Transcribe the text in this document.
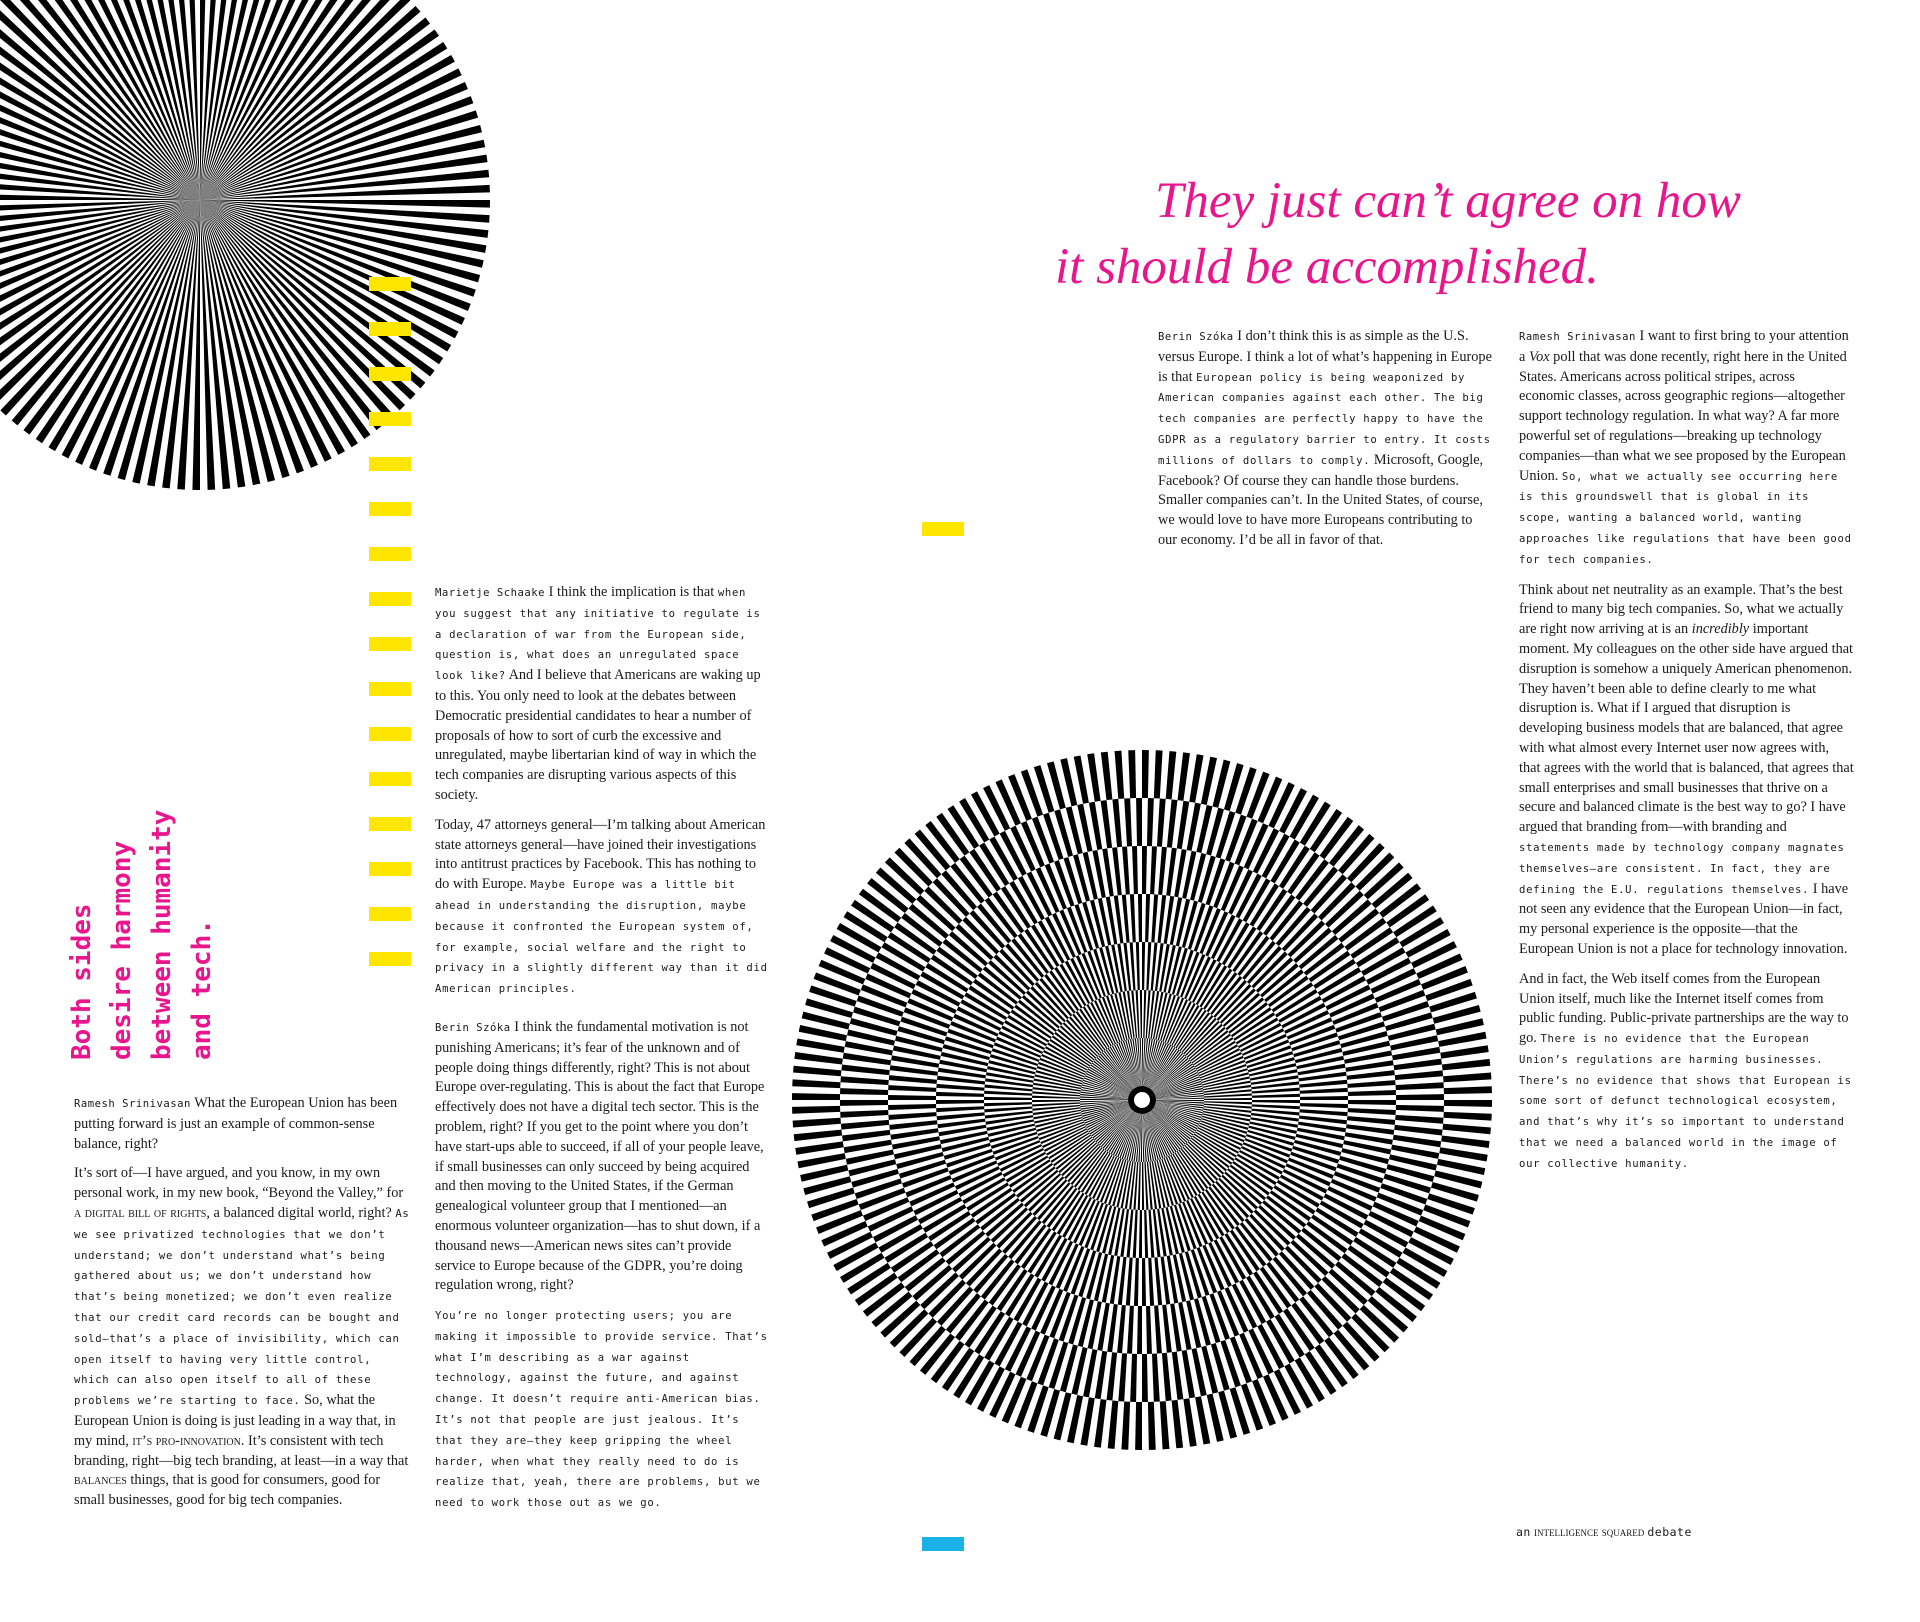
They just can’t agree on how
it should be accomplished.
Both sides desire harmony between humanity and tech.

Ramesh Srinivasan What the European Union has been putting forward is just an example of common-sense balance, right?

It’s sort of—I have argued, and you know, in my own personal work, in my new book, “Beyond the Valley,” for a digital bill of rights, a balanced digital world, right? As we see privatized technologies that we don’t understand; we don’t understand what’s being gathered about us; we don’t understand how that’s being monetized; we don’t even realize that our credit card records can be bought and sold—that’s a place of invisibility, which can open itself to having very little control, which can also open itself to all of these problems we’re starting to face. So, what the European Union is doing is just leading in a way that, in my mind, it’s pro-innovation. It’s consistent with tech branding, right—big tech branding, at least—in a way that balances things, that is good for consumers, good for small businesses, good for big tech companies.

Marietje Schaake I think the implication is that when you suggest that any initiative to regulate is a declaration of war from the European side, question is, what does an unregulated space look like? And I believe that Americans are waking up to this. You only need to look at the debates between Democratic presidential candidates to hear a number of proposals of how to sort of curb the excessive and unregulated, maybe libertarian kind of way in which the tech companies are disrupting various aspects of this society.

Today, 47 attorneys general—I’m talking about American state attorneys general—have joined their investigations into antitrust practices by Facebook. This has nothing to do with Europe. Maybe Europe was a little bit ahead in understanding the disruption, maybe because it confronted the European system of, for example, social welfare and the right to privacy in a slightly different way than it did American principles.

Berin Szóka I think the fundamental motivation is not punishing Americans; it’s fear of the unknown and of people doing things differently, right? This is not about Europe over-regulating. This is about the fact that Europe effectively does not have a digital tech sector. This is the problem, right? If you get to the point where you don’t have start-ups able to succeed, if all of your people leave, if small businesses can only succeed by being acquired and then moving to the United States, if the German genealogical volunteer group that I mentioned—an enormous volunteer organization—has to shut down, if a thousand news—American news sites can’t provide service to Europe because of the GDPR, you’re doing regulation wrong, right?

You’re no longer protecting users; you are making it impossible to provide service. That’s what I’m describing as a war against technology, against the future, and against change. It doesn’t require anti-American bias. It’s not that people are just jealous. It’s that they are—they keep gripping the wheel harder, when what they really need to do is realize that, yeah, there are problems, but we need to work those out as we go.

Berin Szóka I don’t think this is as simple as the U.S. versus Europe. I think a lot of what’s happening in Europe is that European policy is being weaponized by American companies against each other. The big tech companies are perfectly happy to have the GDPR as a regulatory barrier to entry. It costs millions of dollars to comply. Microsoft, Google, Facebook? Of course they can handle those burdens. Smaller companies can’t. In the United States, of course, we would love to have more Europeans contributing to our economy. I’d be all in favor of that.

Ramesh Srinivasan I want to first bring to your attention a Vox poll that was done recently, right here in the United States. Americans across political stripes, across economic classes, across geographic regions—altogether support technology regulation. In what way? A far more powerful set of regulations—breaking up technology companies—than what we see proposed by the European Union. So, what we actually see occurring here is this groundswell that is global in its scope, wanting a balanced world, wanting approaches like regulations that have been good for tech companies.

Think about net neutrality as an example. That’s the best friend to many big tech companies. So, what we actually are right now arriving at is an incredibly important moment. My colleagues on the other side have argued that disruption is somehow a uniquely American phenomenon. They haven’t been able to define clearly to me what disruption is. What if I argued that disruption is developing business models that are balanced, that agree with what almost every Internet user now agrees with, that agrees with the world that is balanced, that agrees that small enterprises and small businesses that thrive on a secure and balanced climate is the best way to go? I have argued that branding from—with branding and statements made by technology company magnates themselves—are consistent. In fact, they are defining the E.U. regulations themselves. I have not seen any evidence that the European Union—in fact, my personal experience is the opposite—that the European Union is not a place for technology innovation.

And in fact, the Web itself comes from the European Union itself, much like the Internet itself comes from public funding. Public-private partnerships are the way to go. There is no evidence that the European Union’s regulations are harming businesses. There’s no evidence that shows that European is some sort of defunct technological ecosystem, and that’s why it’s so important to understand that we need a balanced world in the image of our collective humanity.

an intelligence squared debate
